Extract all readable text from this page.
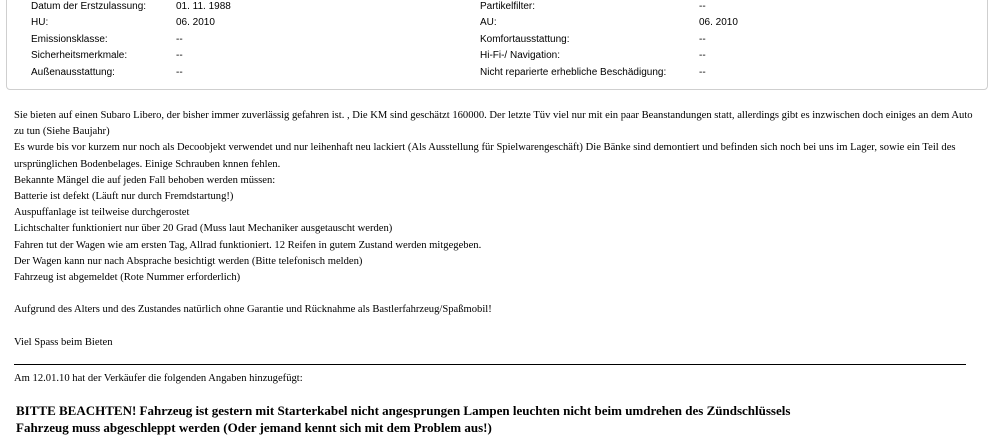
Datum der Erstzulassung:	01. 11. 1988	Partikelfilter:	--
HU:	06. 2010	AU:	06. 2010
Emissionsklasse:	--	Komfortausstattung:	--
Sicherheitsmerkmale:	--	Hi-Fi-/ Navigation:	--
Außenausstattung:	--	Nicht reparierte erhebliche Beschädigung:	--

Sie bieten auf einen Subaro Libero, der bisher immer zuverlässig gefahren ist. , Die KM sind geschätzt 160000. Der letzte Tüv viel nur mit ein paar Beanstandungen statt, allerdings gibt es inzwischen doch einiges an dem Auto zu tun (Siehe Baujahr)

Es wurde bis vor kurzem nur noch als Decoobjekt verwendet und nur leihenhaft neu lackiert (Als Ausstellung für Spielwarengeschäft) Die Bänke sind demontiert und befinden sich noch bei uns im Lager, sowie ein Teil des ursprünglichen Bodenbelages. Einige Schrauben knnen fehlen.

Bekannte Mängel die auf jeden Fall behoben werden müssen:

Batterie ist defekt (Läuft nur durch Fremdstartung!)

Auspuffanlage ist teilweise durchgerostet

Lichtschalter funktioniert nur über 20 Grad (Muss laut Mechaniker ausgetauscht werden)

Fahren tut der Wagen wie am ersten Tag, Allrad funktioniert. 12 Reifen in gutem Zustand werden mitgegeben.

Der Wagen kann nur nach Absprache besichtigt werden (Bitte telefonisch melden)

Fahrzeug ist abgemeldet (Rote Nummer erforderlich)

Aufgrund des Alters und des Zustandes natürlich ohne Garantie und Rücknahme als Bastlerfahrzeug/Spaßmobil!

Viel Spass beim Bieten

Am 12.01.10 hat der Verkäufer die folgenden Angaben hinzugefügt:

BITTE BEACHTEN! Fahrzeug ist gestern mit Starterkabel nicht angesprungen Lampen leuchten nicht beim umdrehen des Zündschlüssels

Fahrzeug muss abgeschleppt werden (Oder jemand kennt sich mit dem Problem aus!)
